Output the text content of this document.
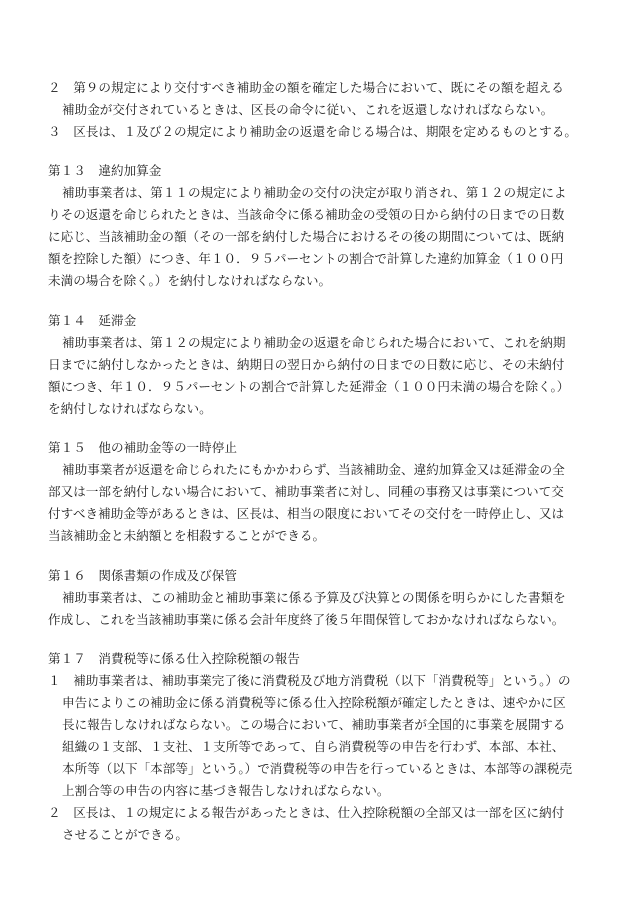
２　第９の規定により交付すべき補助金の額を確定した場合において、既にその額を超える
補助金が交付されているときは、区長の命令に従い、これを返還しなければならない。
３　区長は、１及び２の規定により補助金の返還を命じる場合は、期限を定めるものとする。
第１３　違約加算金
補助事業者は、第１１の規定により補助金の交付の決定が取り消され、第１２の規定によ
りその返還を命じられたときは、当該命令に係る補助金の受領の日から納付の日までの日数
に応じ、当該補助金の額（その一部を納付した場合におけるその後の期間については、既納
額を控除した額）につき、年１０．９５パーセントの割合で計算した違約加算金（１００円
未満の場合を除く。）を納付しなければならない。
第１４　延滞金
補助事業者は、第１２の規定により補助金の返還を命じられた場合において、これを納期
日までに納付しなかったときは、納期日の翌日から納付の日までの日数に応じ、その未納付
額につき、年１０．９５パーセントの割合で計算した延滞金（１００円未満の場合を除く。）
を納付しなければならない。
第１５　他の補助金等の一時停止
補助事業者が返還を命じられたにもかかわらず、当該補助金、違約加算金又は延滞金の全
部又は一部を納付しない場合において、補助事業者に対し、同種の事務又は事業について交
付すべき補助金等があるときは、区長は、相当の限度においてその交付を一時停止し、又は
当該補助金と未納額とを相殺することができる。
第１６　関係書類の作成及び保管
補助事業者は、この補助金と補助事業に係る予算及び決算との関係を明らかにした書類を
作成し、これを当該補助事業に係る会計年度終了後５年間保管しておかなければならない。
第１７　消費税等に係る仕入控除税額の報告
１　補助事業者は、補助事業完了後に消費税及び地方消費税（以下「消費税等」という。）の
申告によりこの補助金に係る消費税等に係る仕入控除税額が確定したときは、速やかに区
長に報告しなければならない。この場合において、補助事業者が全国的に事業を展開する
組織の１支部、１支社、１支所等であって、自ら消費税等の申告を行わず、本部、本社、
本所等（以下「本部等」という。）で消費税等の申告を行っているときは、本部等の課税売
上割合等の申告の内容に基づき報告しなければならない。
２　区長は、１の規定による報告があったときは、仕入控除税額の全部又は一部を区に納付
させることができる。
